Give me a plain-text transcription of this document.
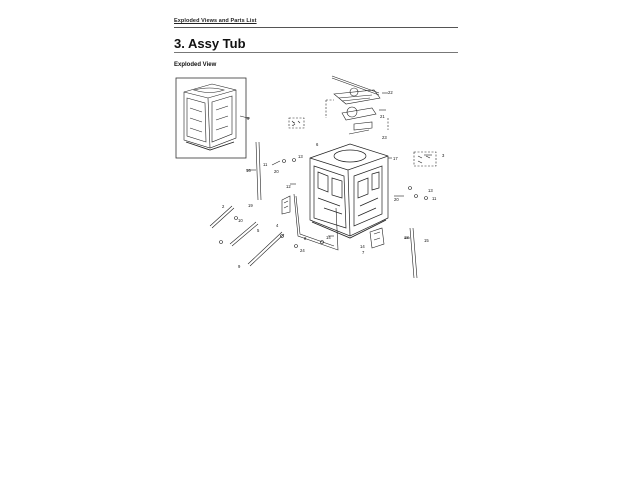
Exploded Views and Parts List
3. Assy Tub
Exploded View
9
22
21
1
23
6
17
3
13
11
20
16
12
13
11
20
19
2
10
4
5
18
15
14
8
14
7
24
9
